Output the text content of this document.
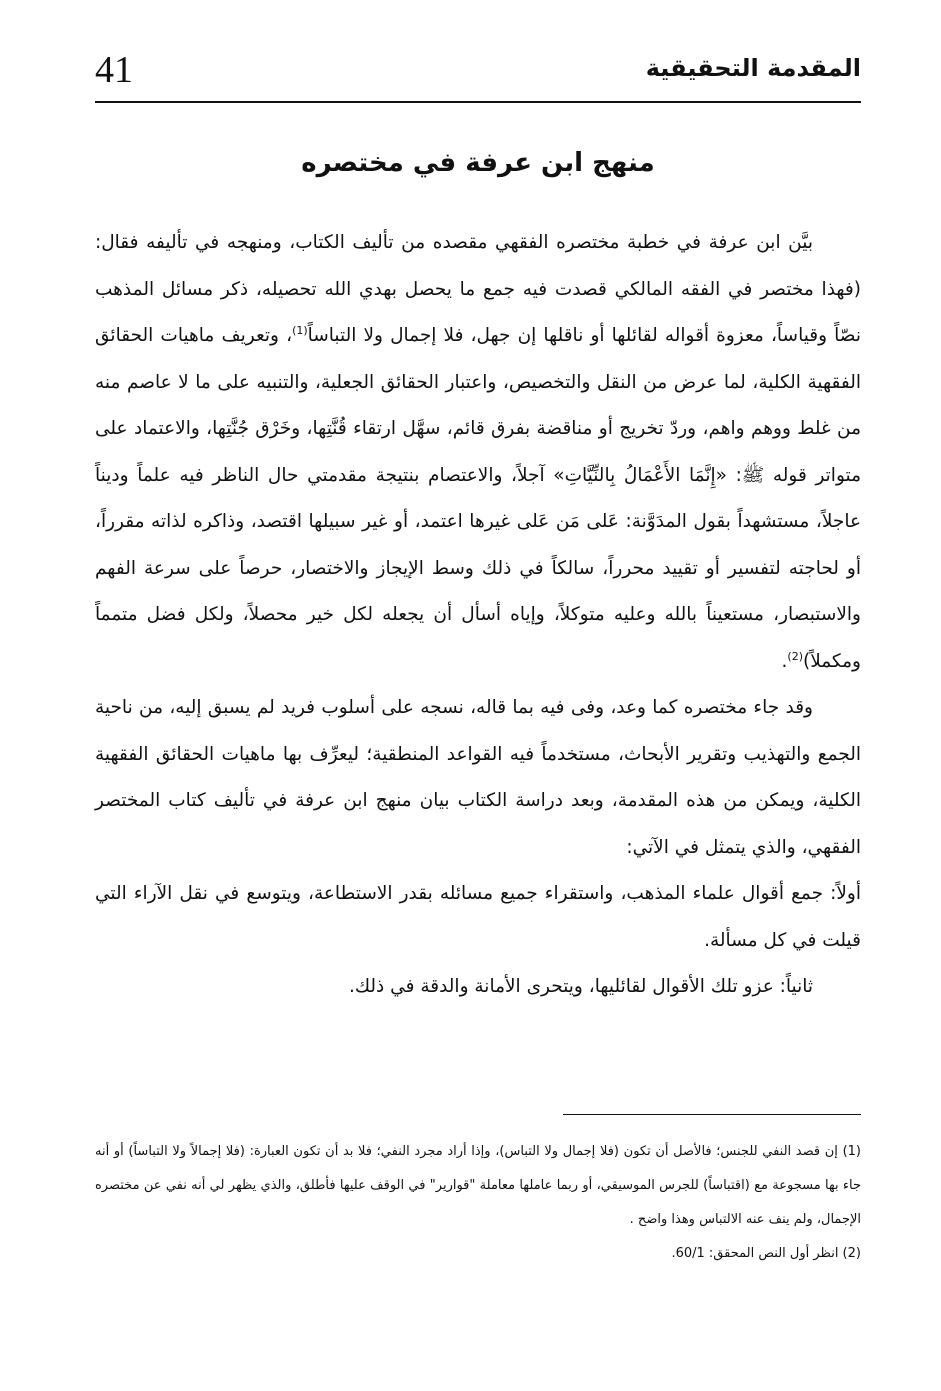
41	المقدمة التحقيقية
منهج ابن عرفة في مختصره

بيَّن ابن عرفة في خطبة مختصره الفقهي مقصده من تأليف الكتاب، ومنهجه في تأليفه فقال: (فهذا مختصر في الفقه المالكي قصدت فيه جمع ما يحصل بهدي الله تحصيله، ذكر مسائل المذهب نصّاً وقياساً، معزوة أقواله لقائلها أو ناقلها إن جهل، فلا إجمال ولا التباساً$^{(1)}$، وتعريف ماهيات الحقائق الفقهية الكلية، لما عرض من النقل والتخصيص، واعتبار الحقائق الجعلية، والتنبيه على ما لا عاصم منه من غلط ووهم واهم، وردّ تخريج أو مناقضة بفرق قائم، سهَّل ارتقاء قُنَّتِها، وخَرْق جُنَّتِها، والاعتماد على متواتر قوله ﷺ: «إِنَّمَا الأَعْمَالُ بِالنِّيَّاتِ» آجلاً، والاعتصام بنتيجة مقدمتي حال الناظر فيه علماً وديناً عاجلاً، مستشهداً بقول المدَوَّنة: عَلى مَن عَلى غيرها اعتمد، أو غير سبيلها اقتصد، وذاكره لذاته مقرراً، أو لحاجته لتفسير أو تقييد محرراً، سالكاً في ذلك وسط الإيجاز والاختصار، حرصاً على سرعة الفهم والاستبصار، مستعيناً بالله وعليه متوكلاً، وإياه أسأل أن يجعله لكل خير محصلاً، ولكل فضل متمماً ومكملاً)$^{(2)}$.

وقد جاء مختصره كما وعد، وفى فيه بما قاله، نسجه على أسلوب فريد لم يسبق إليه، من ناحية الجمع والتهذيب وتقرير الأبحاث، مستخدماً فيه القواعد المنطقية؛ ليعرِّف بها ماهيات الحقائق الفقهية الكلية، ويمكن من هذه المقدمة، وبعد دراسة الكتاب بيان منهج ابن عرفة في تأليف كتاب المختصر الفقهي، والذي يتمثل في الآتي:

أولاً: جمع أقوال علماء المذهب، واستقراء جميع مسائله بقدر الاستطاعة، ويتوسع في نقل الآراء التي قيلت في كل مسألة.

ثانياً: عزو تلك الأقوال لقائليها، ويتحرى الأمانة والدقة في ذلك.

(1) إن قصد النفي للجنس؛ فالأصل أن تكون (فلا إجمال ولا التباس)، وإذا أراد مجرد النفي؛ فلا بد أن تكون العبارة: (فلا إجمالاً ولا التباساً) أو أنه جاء بها مسجوعة مع (اقتباساً) للجرس الموسيقي، أو ربما عاملها معاملة "قوارير" في الوقف عليها فأطلق، والذي يظهر لي أنه نفي عن مختصره الإجمال، ولم ينف عنه الالتباس وهذا واضح .

(2) انظر أول النص المحقق: 60/1.
